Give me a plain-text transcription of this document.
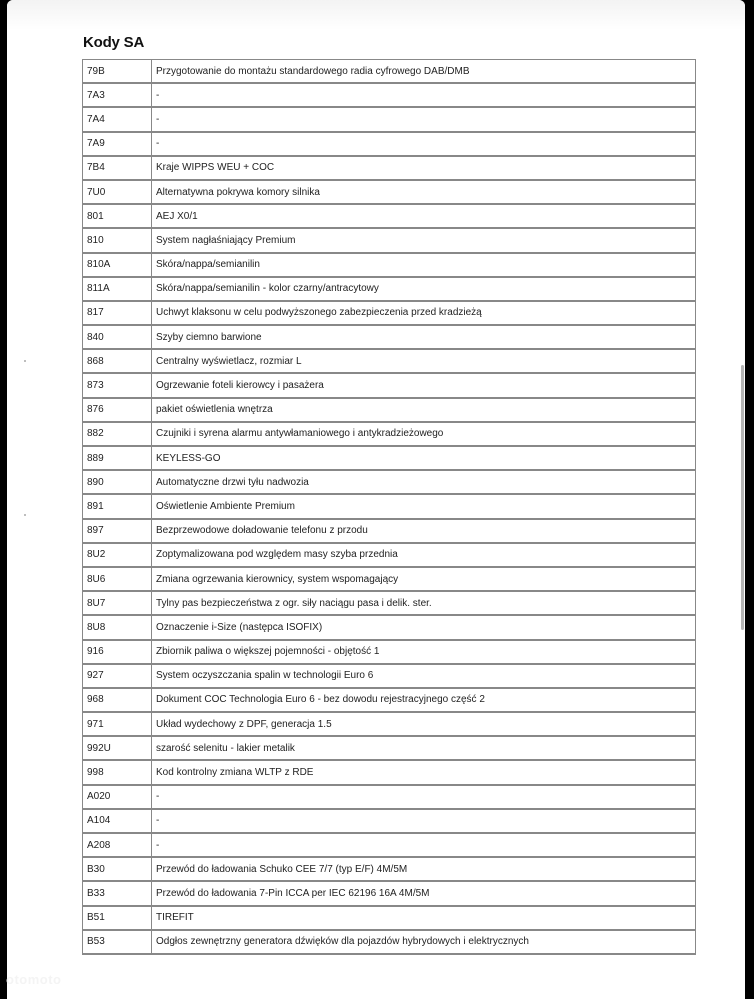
Kody SA
79B	Przygotowanie do montażu standardowego radia cyfrowego DAB/DMB
7A3	-
7A4	-
7A9	-
7B4	Kraje WIPPS WEU + COC
7U0	Alternatywna pokrywa komory silnika
801	AEJ X0/1
810	System nagłaśniający Premium
810A	Skóra/nappa/semianilin
811A	Skóra/nappa/semianilin - kolor czarny/antracytowy
817	Uchwyt klaksonu w celu podwyższonego zabezpieczenia przed kradzieżą
840	Szyby ciemno barwione
868	Centralny wyświetlacz, rozmiar L
873	Ogrzewanie foteli kierowcy i pasażera
876	pakiet oświetlenia wnętrza
882	Czujniki i syrena alarmu antywłamaniowego i antykradzieżowego
889	KEYLESS-GO
890	Automatyczne drzwi tyłu nadwozia
891	Oświetlenie Ambiente Premium
897	Bezprzewodowe doładowanie telefonu z przodu
8U2	Zoptymalizowana pod względem masy szyba przednia
8U6	Zmiana ogrzewania kierownicy, system wspomagający
8U7	Tylny pas bezpieczeństwa z ogr. siły naciągu pasa i delik. ster.
8U8	Oznaczenie i-Size (następca ISOFIX)
916	Zbiornik paliwa o większej pojemności - objętość 1
927	System oczyszczania spalin w technologii Euro 6
968	Dokument COC Technologia Euro 6 - bez dowodu rejestracyjnego część 2
971	Układ wydechowy z DPF, generacja 1.5
992U	szarość selenitu - lakier metalik
998	Kod kontrolny zmiana WLTP z RDE
A020	-
A104	-
A208	-
B30	Przewód do ładowania Schuko CEE 7/7 (typ E/F) 4M/5M
B33	Przewód do ładowania 7-Pin ICCA per IEC 62196 16A 4M/5M
B51	TIREFIT
B53	Odgłos zewnętrzny generatora dźwięków dla pojazdów hybrydowych i elektrycznych
otomoto
